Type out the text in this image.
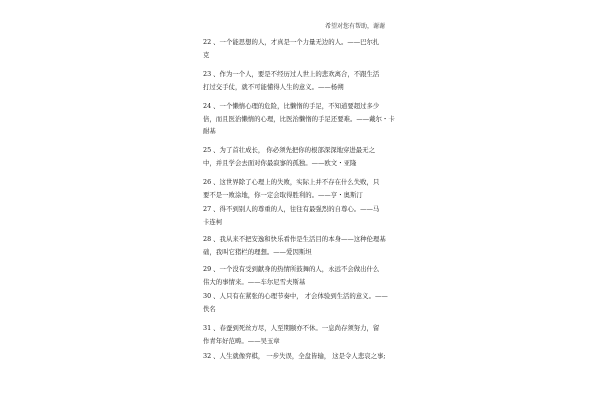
希望对您有帮助，谢谢
22 、一个能思想的人，才真是一个力量无边的人。——巴尔扎
克
23 、作为一个人，要是不经历过人世上的悲欢离合，不跟生活
打过交手仗，就不可能懂得人生的意义。——杨朔
24 、一个懒惰心理的危险，比懒惰的手足，不知道要超过多少
倍，而且医治懒惰的心理，比医治懒惰的手足还要难。——戴尔・卡
耐基
25 、为了首壮成长， 你必须先把你的根部深深地穿进最无之
中，并且学会去面对你最寂寥的孤独。——欧文・亚隆
26 、这世界除了心理上的失败，实际上并不存在什么失败，只
要不是一败涂地，你一定会取得胜利的。——亨・奥斯汀
27 、得不到别人的尊重的人，往往有最强烈的自尊心。——马
卡连柯
28 、我从来不把安逸和快乐看作是生活目的本身——这种伦理基
础，我叫它猪栏的理想。——爱因斯坦
29 、一个没有受到献身的热情所鼓舞的人，永远不会做出什么
伟大的事情来。——车尔尼雪夫斯基
30 、人只有在紧张的心理节奏中， 才会体验到生活的意义。——
佚名
31 、春蚕到死丝方尽，人至期颐亦不休。一息尚存须努力，留
作青年好范畴。——吴玉章
32 、人生就像弈棋， 一步失误，全盘皆输， 这是令人悲哀之事;
